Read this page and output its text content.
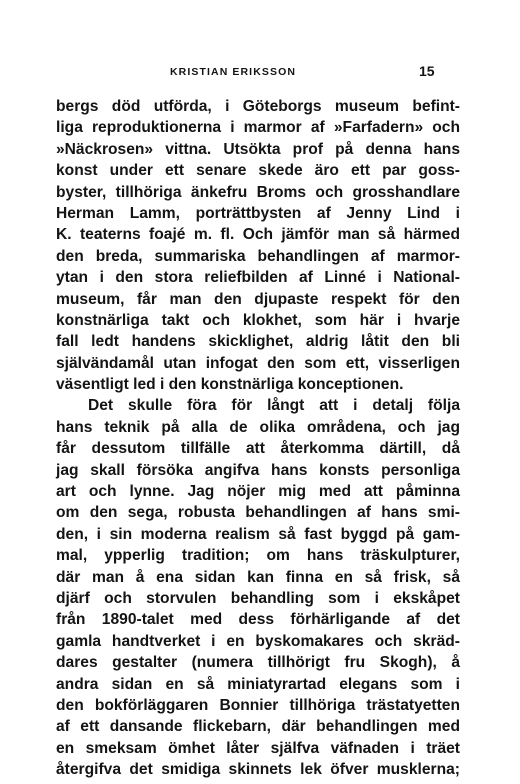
KRISTIAN ERIKSSON	15
bergs död utförda, i Göteborgs museum befint-
liga reproduktionerna i marmor af »Farfadern» och
»Näckrosen» vittna. Utsökta prof på denna hans
konst under ett senare skede äro ett par goss-
byster, tillhöriga änkefru Broms och grosshandlare
Herman Lamm, porträttbysten af Jenny Lind i
K. teaterns foajé m. fl. Och jämför man så härmed
den breda, summariska behandlingen af marmor-
ytan i den stora reliefbilden af Linné i National-
museum, får man den djupaste respekt för den
konstnärliga takt och klokhet, som här i hvarje
fall ledt handens skicklighet, aldrig låtit den bli
självändamål utan infogat den som ett, visserligen
väsentligt led i den konstnärliga konceptionen.
Det skulle föra för långt att i detalj följa
hans teknik på alla de olika områdena, och jag
får dessutom tillfälle att återkomma därtill, då
jag skall försöka angifva hans konsts personliga
art och lynne. Jag nöjer mig med att påminna
om den sega, robusta behandlingen af hans smi-
den, i sin moderna realism så fast byggd på gam-
mal, ypperlig tradition; om hans träskulpturer,
där man å ena sidan kan finna en så frisk, så
djärf och storvulen behandling som i ekskåpet
från 1890-talet med dess förhärligande af det
gamla handtverket i en byskomakares och skräd-
dares gestalter (numera tillhörigt fru Skogh), å
andra sidan en så miniatyrartad elegans som i
den bokförläggaren Bonnier tillhöriga trästatyetten
af ett dansande flickebarn, där behandlingen med
en smeksam ömhet låter själfva väfnaden i träet
återgifva det smidiga skinnets lek öfver musklerna;
